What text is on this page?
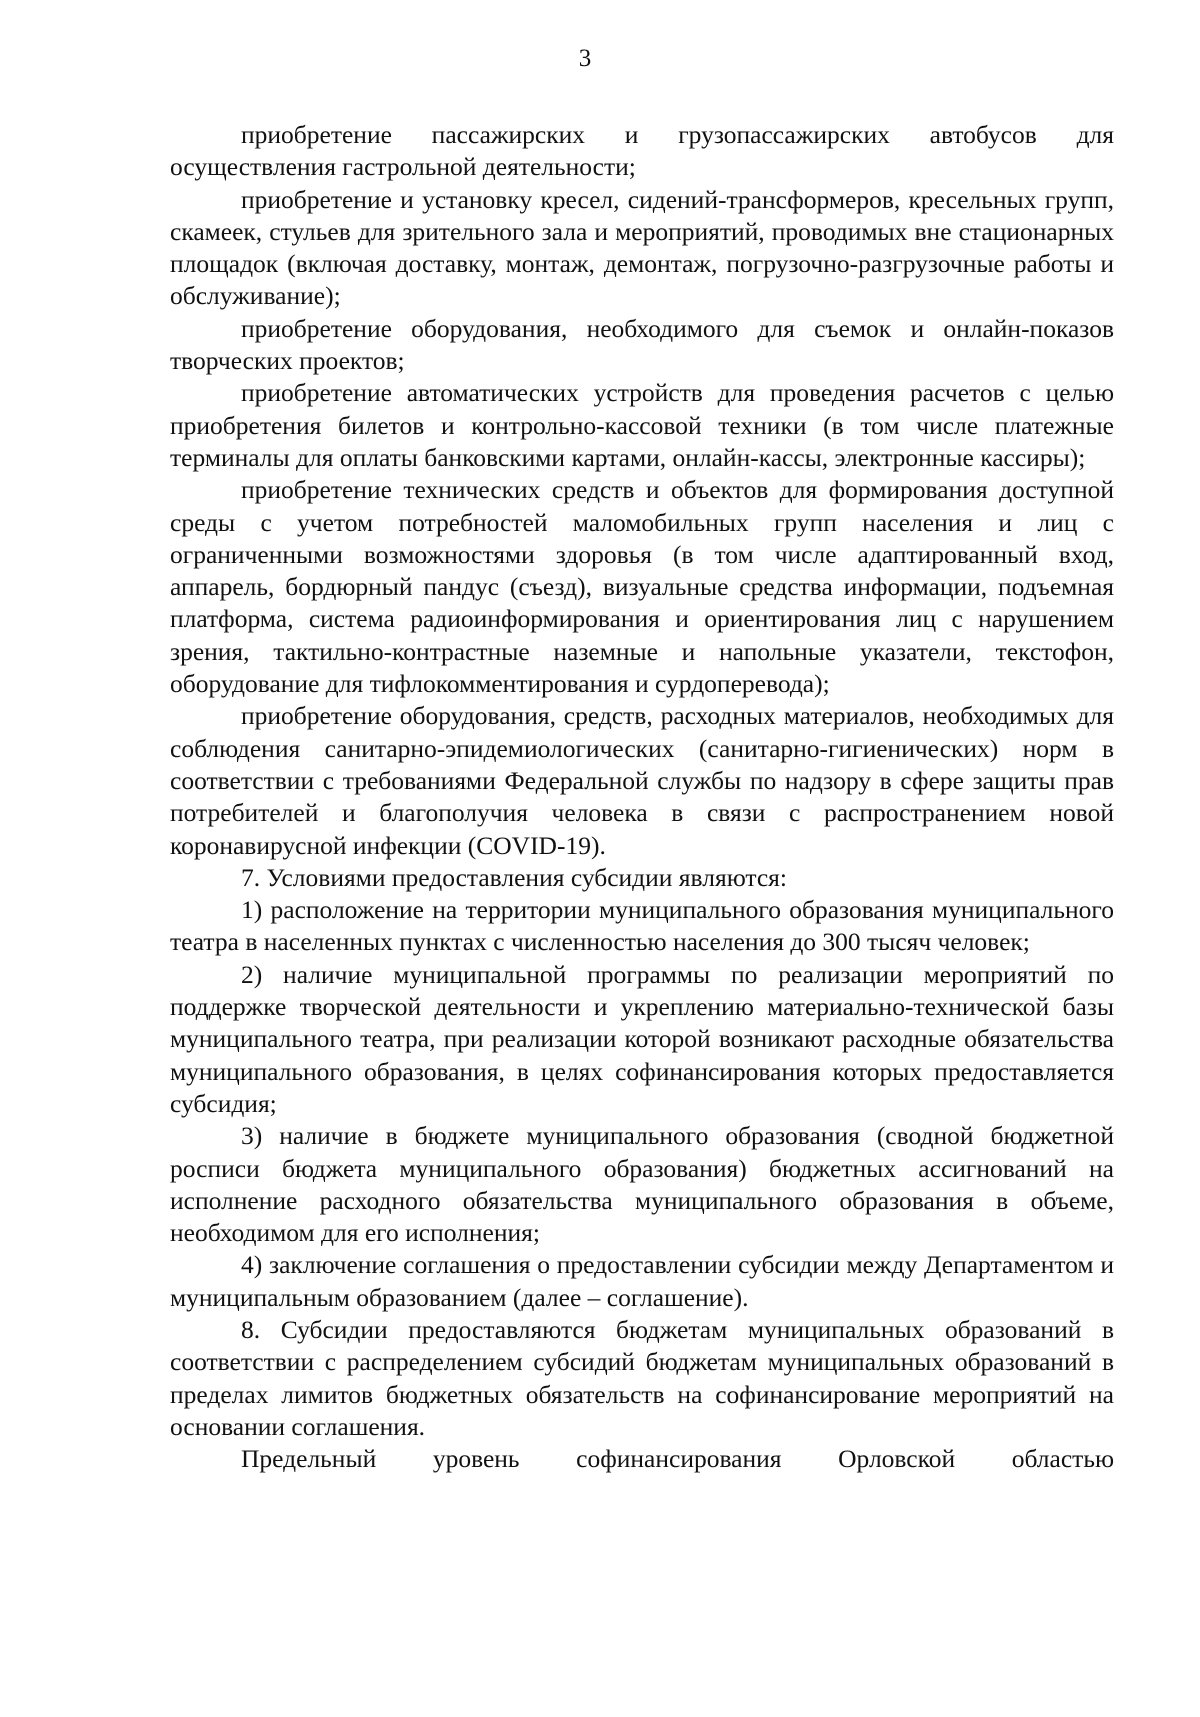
3

приобретение пассажирских и грузопассажирских автобусов для осуществления гастрольной деятельности;

приобретение и установку кресел, сидений-трансформеров, кресельных групп, скамеек, стульев для зрительного зала и мероприятий, проводимых вне стационарных площадок (включая доставку, монтаж, демонтаж, погрузочно-разгрузочные работы и обслуживание);

приобретение оборудования, необходимого для съемок и онлайн-показов творческих проектов;

приобретение автоматических устройств для проведения расчетов с целью приобретения билетов и контрольно-кассовой техники (в том числе платежные терминалы для оплаты банковскими картами, онлайн-кассы, электронные кассиры);

приобретение технических средств и объектов для формирования доступной среды с учетом потребностей маломобильных групп населения и лиц с ограниченными возможностями здоровья (в том числе адаптированный вход, аппарель, бордюрный пандус (съезд), визуальные средства информации, подъемная платформа, система радиоинформирования и ориентирования лиц с нарушением зрения, тактильно-контрастные наземные и напольные указатели, текстофон, оборудование для тифлокомментирования и сурдоперевода);

приобретение оборудования, средств, расходных материалов, необходимых для соблюдения санитарно-эпидемиологических (санитарно-гигиенических) норм в соответствии с требованиями Федеральной службы по надзору в сфере защиты прав потребителей и благополучия человека в связи с распространением новой коронавирусной инфекции (COVID-19).

7. Условиями предоставления субсидии являются:

1) расположение на территории муниципального образования муниципального театра в населенных пунктах с численностью населения до 300 тысяч человек;

2) наличие муниципальной программы по реализации мероприятий по поддержке творческой деятельности и укреплению материально-технической базы муниципального театра, при реализации которой возникают расходные обязательства муниципального образования, в целях софинансирования которых предоставляется субсидия;

3) наличие в бюджете муниципального образования (сводной бюджетной росписи бюджета муниципального образования) бюджетных ассигнований на исполнение расходного обязательства муниципального образования в объеме, необходимом для его исполнения;

4) заключение соглашения о предоставлении субсидии между Департаментом и муниципальным образованием (далее – соглашение).

8. Субсидии предоставляются бюджетам муниципальных образований в соответствии с распределением субсидий бюджетам муниципальных образований в пределах лимитов бюджетных обязательств на софинансирование мероприятий на основании соглашения.

Предельный уровень софинансирования Орловской областью
